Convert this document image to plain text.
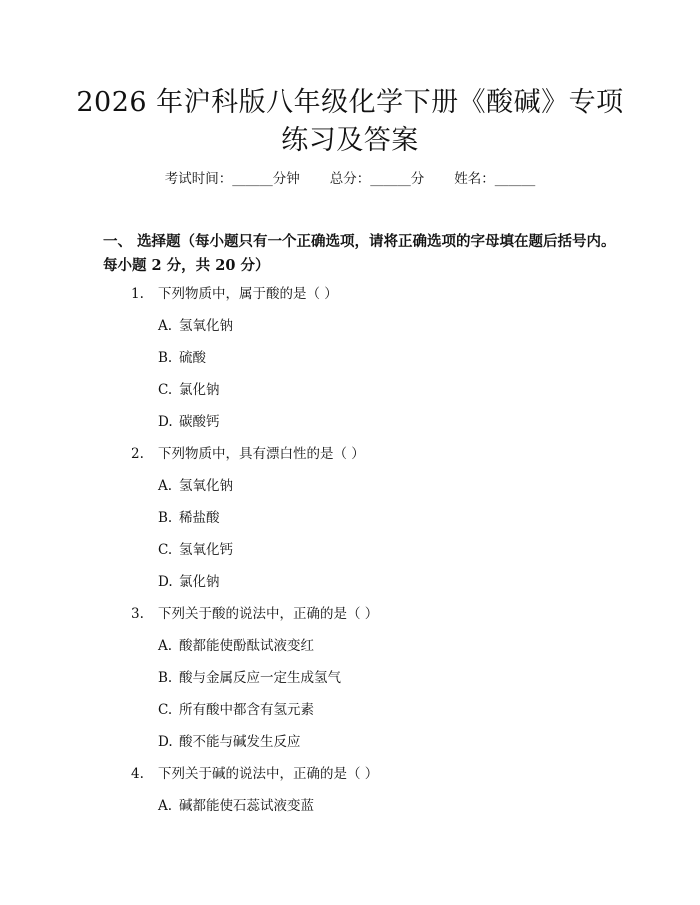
2026 年沪科版八年级化学下册《酸碱》专项
练习及答案
考试时间：______分钟 总分：______分 姓名：______
一、 选择题（每小题只有一个正确选项，请将正确选项的字母填在题后括号内。每小题 2 分，共 20 分）
1. 下列物质中，属于酸的是（ ）
A. 氢氧化钠
B. 硫酸
C. 氯化钠
D. 碳酸钙
2. 下列物质中，具有漂白性的是（ ）
A. 氢氧化钠
B. 稀盐酸
C. 氢氧化钙
D. 氯化钠
3. 下列关于酸的说法中，正确的是（ ）
A. 酸都能使酚酞试液变红
B. 酸与金属反应一定生成氢气
C. 所有酸中都含有氢元素
D. 酸不能与碱发生反应
4. 下列关于碱的说法中，正确的是（ ）
A. 碱都能使石蕊试液变蓝
